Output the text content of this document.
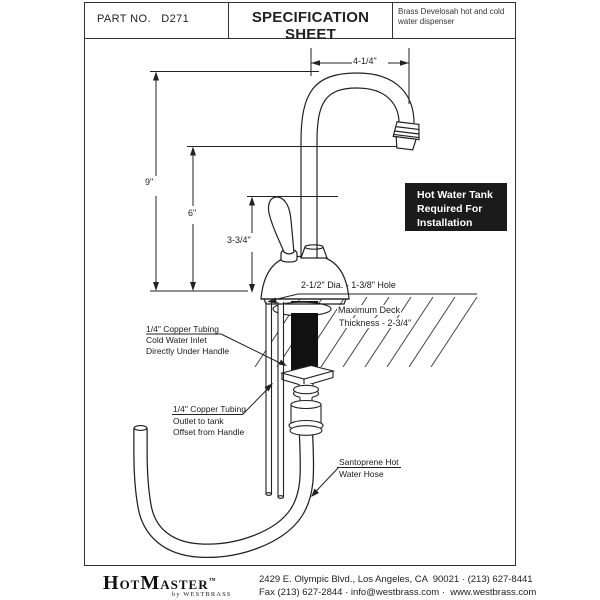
PART NO.   D271	SPECIFICATION SHEET
Brass Develosah hot and cold water dispenser
Hot Water Tank
Required For
Installation
9"
6"
3-3/4"
4-1/4"
2-1/2" Dia. - 1-3/8" Hole
Maximum Deck
Thickness - 2-3/4"
1/4" Copper Tubing
Cold Water Inlet
Directly Under Handle
1/4" Copper Tubing
Outlet to tank
Offset from Handle
Santoprene Hot
Water Hose
HOTMASTER™
by WESTBRASS
2429 E. Olympic Blvd., Los Angeles, CA  90021 · (213) 627-8441
Fax (213) 627-2844 · info@westbrass.com ·  www.westbrass.com
